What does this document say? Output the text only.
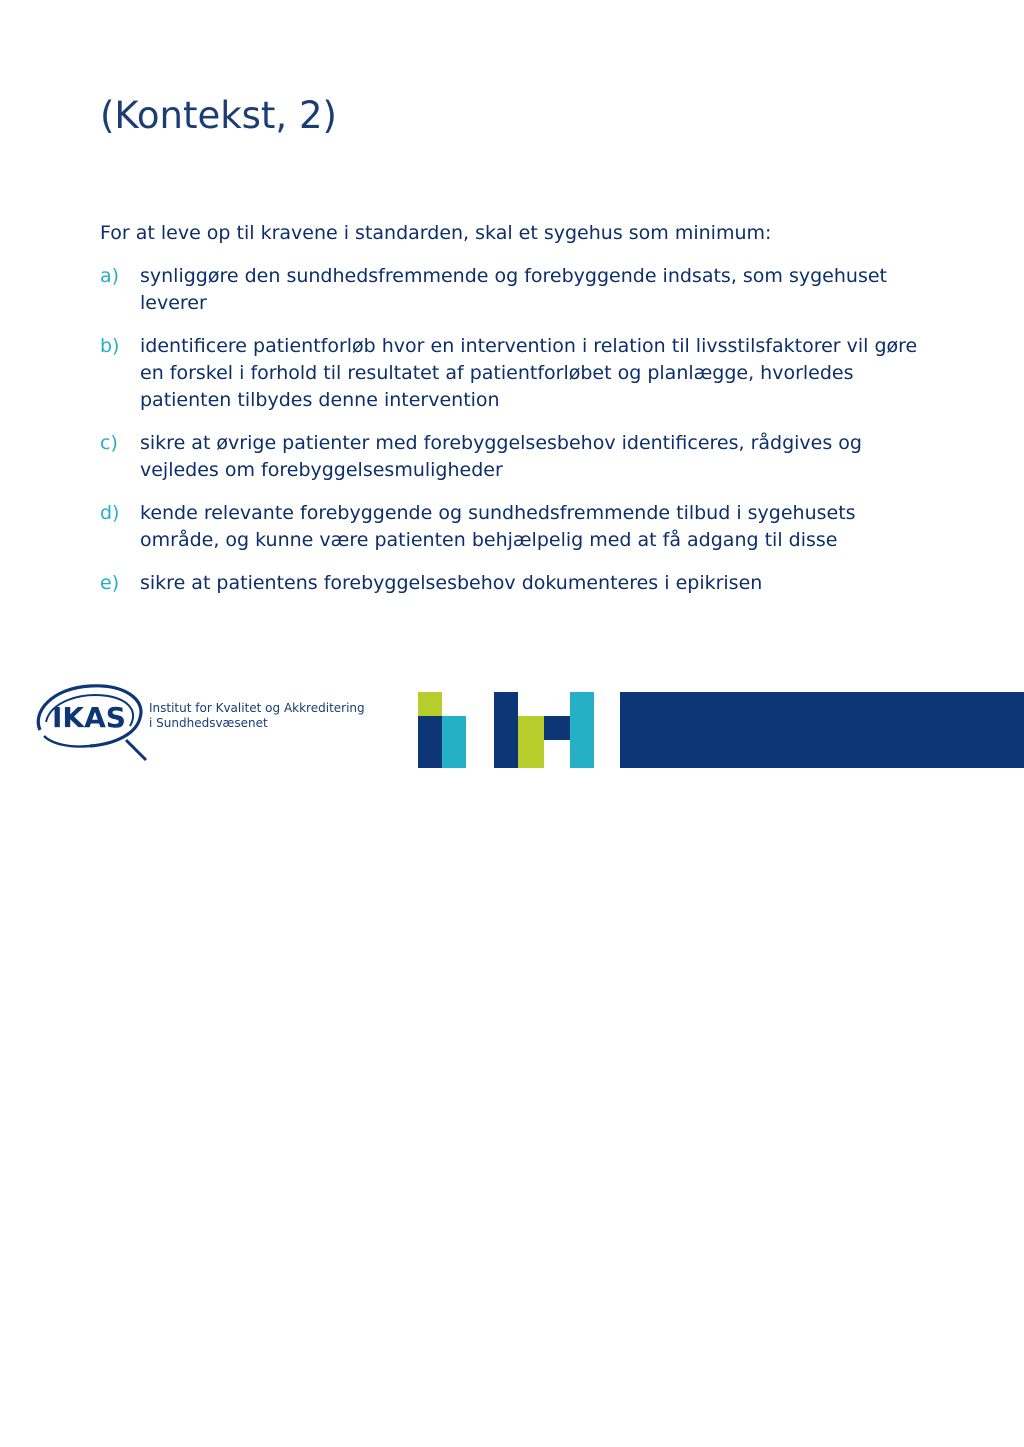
(Kontekst, 2)

For at leve op til kravene i standarden, skal et sygehus som minimum:

a)	synliggøre den sundhedsfremmende og forebyggende indsats, som sygehuset leverer
b)	identificere patientforløb hvor en intervention i relation til livsstilsfaktorer vil gøre en forskel i forhold til resultatet af patientforløbet og planlægge, hvorledes patienten tilbydes denne intervention
c)	sikre at øvrige patienter med forebyggelsesbehov identificeres, rådgives og vejledes om forebyggelsesmuligheder
d)	kende relevante forebyggende og sundhedsfremmende tilbud i sygehusets område, og kunne være patienten behjælpelig med at få adgang til disse
e)	sikre at patientens forebyggelsesbehov dokumenteres i epikrisen
IKAS Institut for Kvalitet og Akkreditering
i Sundhedsvæsenet
12
28. august 2014
